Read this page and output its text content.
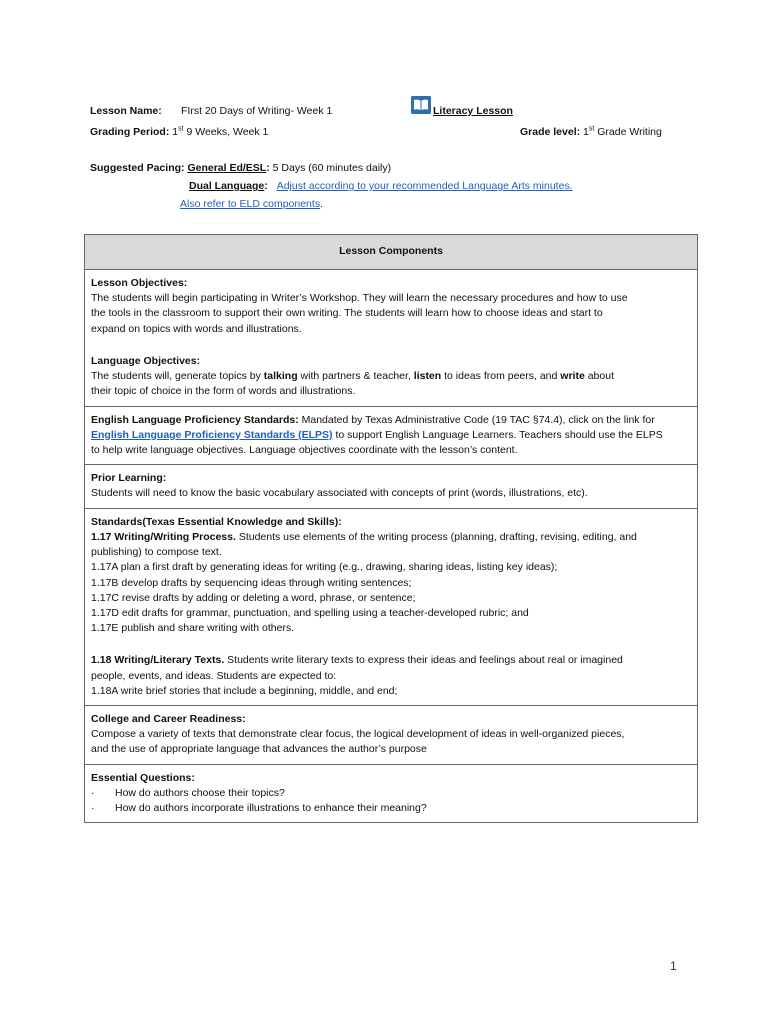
Lesson Name: FIrst 20 Days of Writing- Week 1	Literacy Lesson
Grading Period: 1st 9 Weeks, Week 1	Grade level: 1st Grade Writing
Suggested Pacing: General Ed/ESL: 5 Days (60 minutes daily)
Dual Language: Adjust according to your recommended Language Arts minutes.
Also refer to ELD components.
Lesson Components

Lesson Objectives:

The students will begin participating in Writer’s Workshop. They will learn the necessary procedures and how to use

the tools in the classroom to support their own writing. The students will learn how to choose ideas and start to

expand on topics with words and illustrations.

Language Objectives:

The students will, generate topics by talking with partners & teacher, listen to ideas from peers, and write about

their topic of choice in the form of words and illustrations.

English Language Proficiency Standards: Mandated by Texas Administrative Code (19 TAC §74.4), click on the link for

English Language Proficiency Standards (ELPS) to support English Language Learners. Teachers should use the ELPS

to help write language objectives. Language objectives coordinate with the lesson’s content.

Prior Learning:

Students will need to know the basic vocabulary associated with concepts of print (words, illustrations, etc).

Standards(Texas Essential Knowledge and Skills):

1.17 Writing/Writing Process. Students use elements of the writing process (planning, drafting, revising, editing, and

publishing) to compose text.

1.17A plan a first draft by generating ideas for writing (e.g., drawing, sharing ideas, listing key ideas);

1.17B develop drafts by sequencing ideas through writing sentences;

1.17C revise drafts by adding or deleting a word, phrase, or sentence;

1.17D edit drafts for grammar, punctuation, and spelling using a teacher-developed rubric; and

1.17E publish and share writing with others.

1.18 Writing/Literary Texts. Students write literary texts to express their ideas and feelings about real or imagined

people, events, and ideas. Students are expected to:

1.18A write brief stories that include a beginning, middle, and end;

College and Career Readiness:

Compose a variety of texts that demonstrate clear focus, the logical development of ideas in well-organized pieces,

and the use of appropriate language that advances the author’s purpose

Essential Questions:

·	How do authors choose their topics?
·	How do authors incorporate illustrations to enhance their meaning?
1
